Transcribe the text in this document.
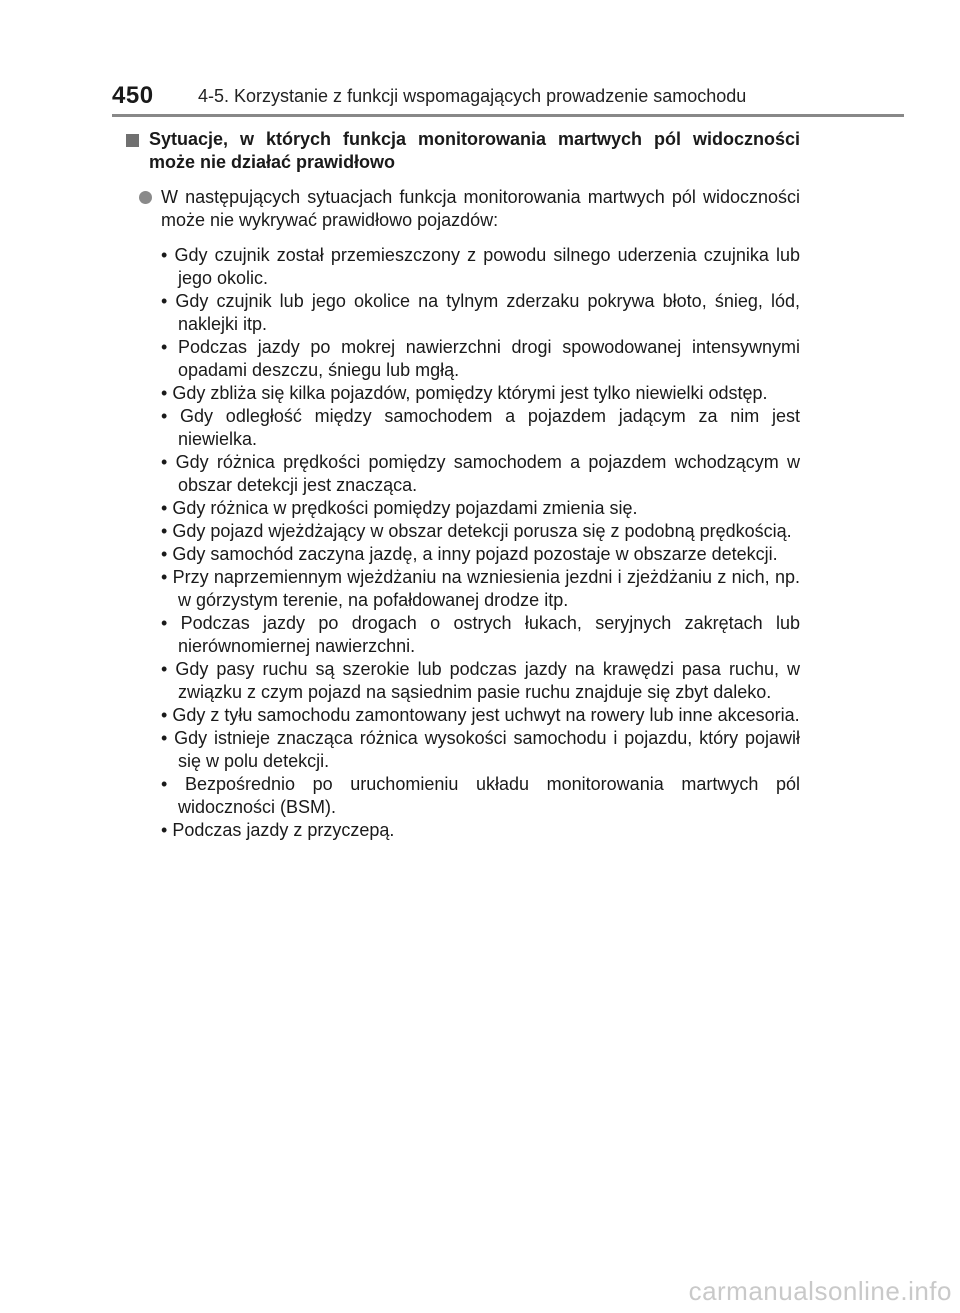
450	4-5. Korzystanie z funkcji wspomagających prowadzenie samochodu
Sytuacje, w których funkcja monitorowania martwych pól widoczności może nie działać prawidłowo
W następujących sytuacjach funkcja monitorowania martwych pól widoczności może nie wykrywać prawidłowo pojazdów:
• Gdy czujnik został przemieszczony z powodu silnego uderzenia czujnika lub jego okolic.
• Gdy czujnik lub jego okolice na tylnym zderzaku pokrywa błoto, śnieg, lód, naklejki itp.
• Podczas jazdy po mokrej nawierzchni drogi spowodowanej intensywnymi opadami deszczu, śniegu lub mgłą.
• Gdy zbliża się kilka pojazdów, pomiędzy którymi jest tylko niewielki odstęp.
• Gdy odległość między samochodem a pojazdem jadącym za nim jest niewielka.
• Gdy różnica prędkości pomiędzy samochodem a pojazdem wchodzącym w obszar detekcji jest znacząca.
• Gdy różnica w prędkości pomiędzy pojazdami zmienia się.
• Gdy pojazd wjeżdżający w obszar detekcji porusza się z podobną prędkością.
• Gdy samochód zaczyna jazdę, a inny pojazd pozostaje w obszarze detekcji.
• Przy naprzemiennym wjeżdżaniu na wzniesienia jezdni i zjeżdżaniu z nich, np. w górzystym terenie, na pofałdowanej drodze itp.
• Podczas jazdy po drogach o ostrych łukach, seryjnych zakrętach lub nierównomiernej nawierzchni.
• Gdy pasy ruchu są szerokie lub podczas jazdy na krawędzi pasa ruchu, w związku z czym pojazd na sąsiednim pasie ruchu znajduje się zbyt daleko.
• Gdy z tyłu samochodu zamontowany jest uchwyt na rowery lub inne akcesoria.
• Gdy istnieje znacząca różnica wysokości samochodu i pojazdu, który pojawił się w polu detekcji.
• Bezpośrednio po uruchomieniu układu monitorowania martwych pól widoczności (BSM).
• Podczas jazdy z przyczepą.
carmanualsonline.info
